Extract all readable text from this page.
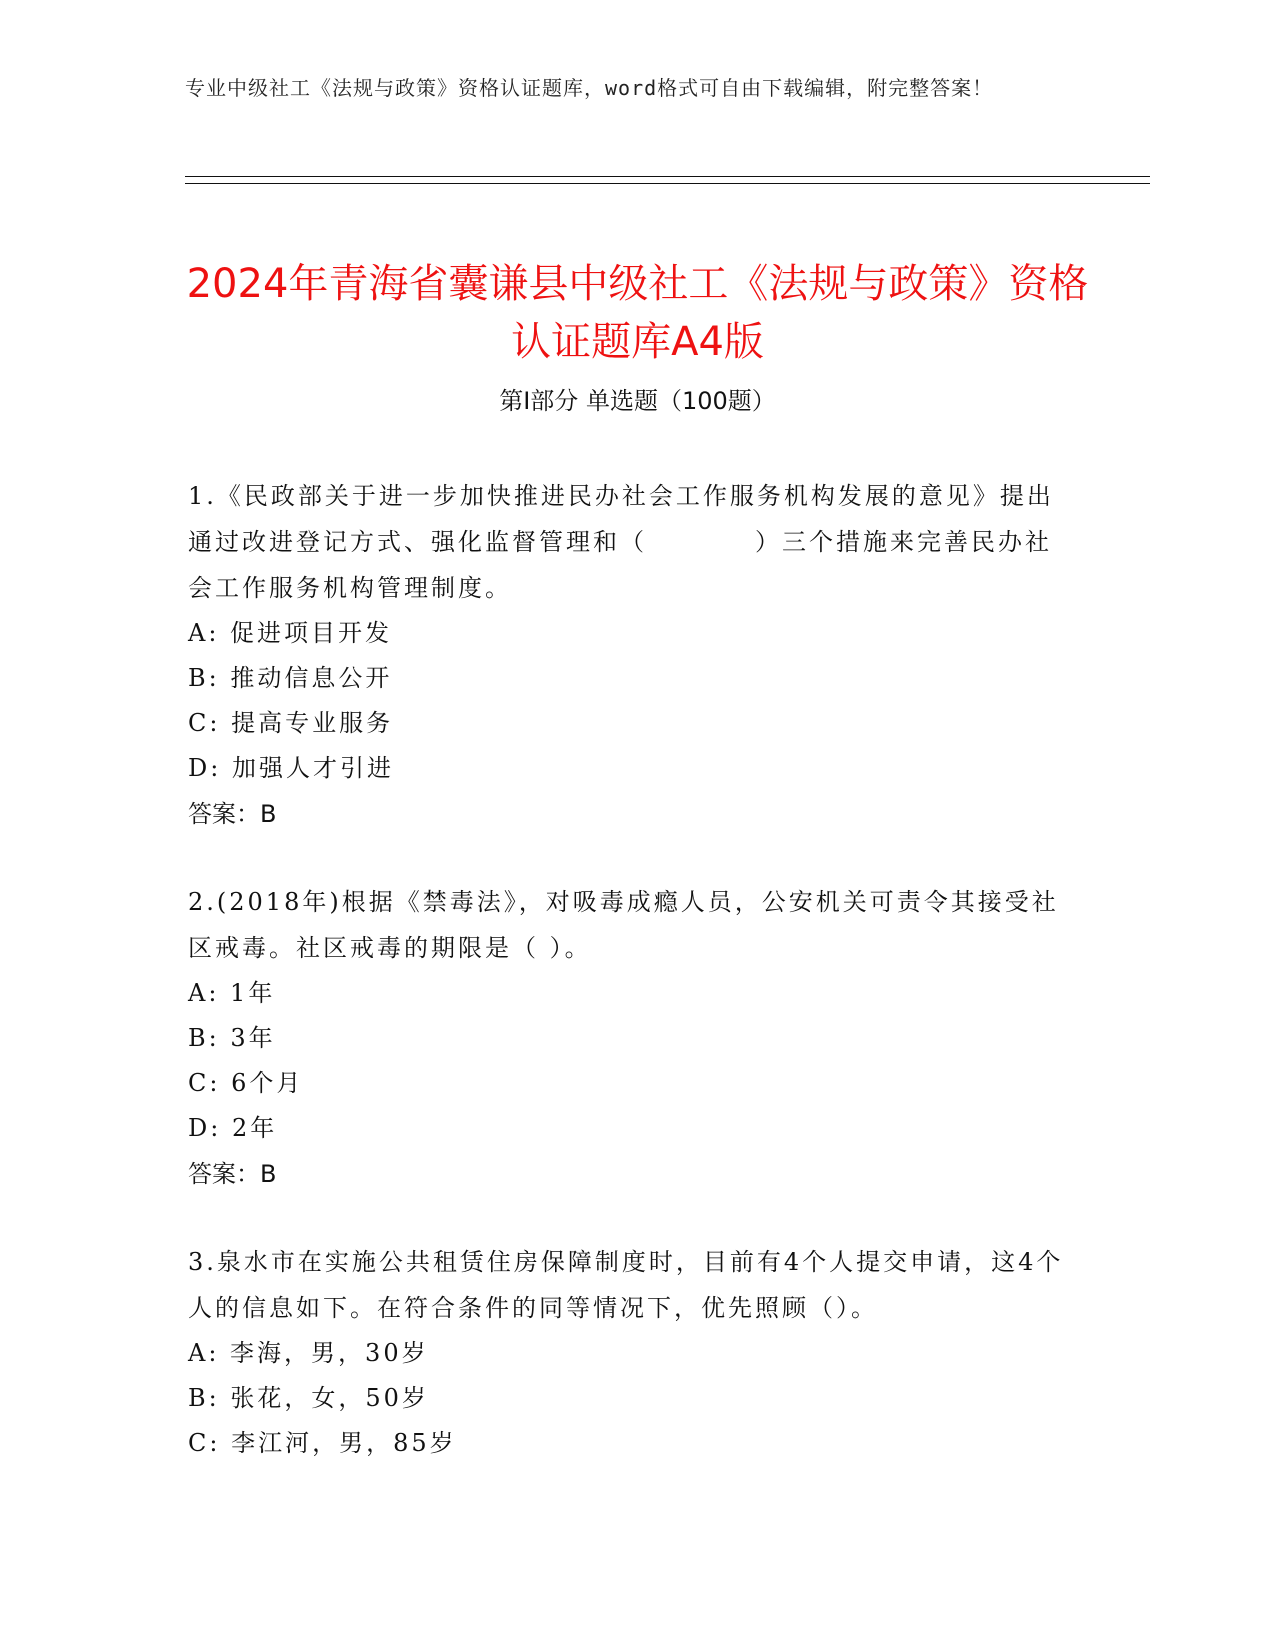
专业中级社工《法规与政策》资格认证题库，word格式可自由下载编辑，附完整答案！
2024年青海省囊谦县中级社工《法规与政策》资格认证题库A4版
第I部分 单选题（100题）

1.《民政部关于进一步加快推进民办社会工作服务机构发展的意见》提出通过改进登记方式、强化监督管理和（　　　　）三个措施来完善民办社会工作服务机构管理制度。

A: 促进项目开发

B: 推动信息公开

C: 提高专业服务

D: 加强人才引进

答案：B

2.(2018年)根据《禁毒法》，对吸毒成瘾人员，公安机关可责令其接受社区戒毒。社区戒毒的期限是（ ）。

A: 1年

B: 3年

C: 6个月

D: 2年

答案：B

3.泉水市在实施公共租赁住房保障制度时，目前有4个人提交申请，这4个人的信息如下。在符合条件的同等情况下，优先照顾（）。

A: 李海，男，30岁

B: 张花，女，50岁

C: 李江河，男，85岁
